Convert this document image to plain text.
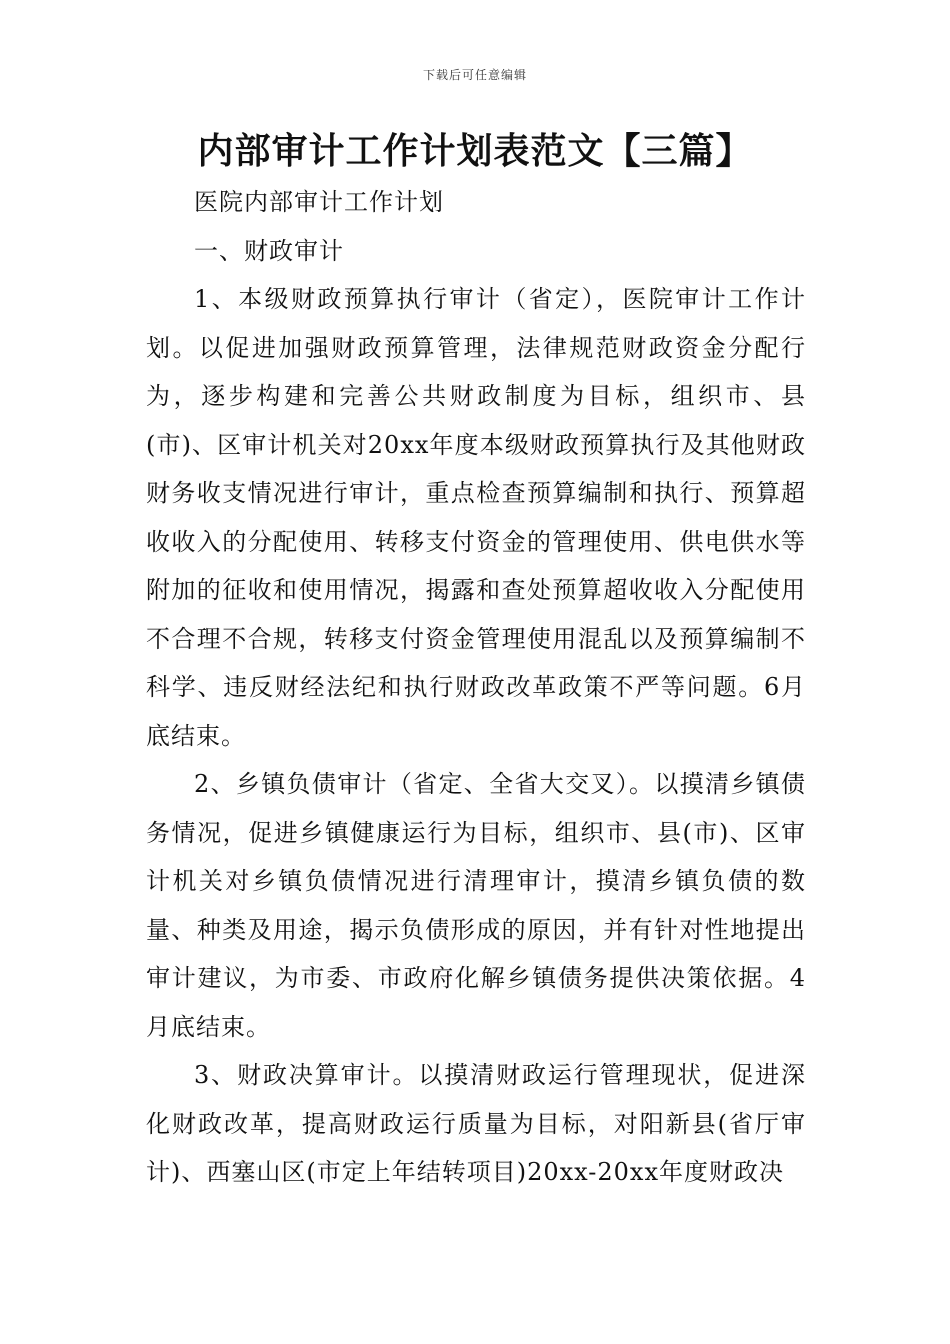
下载后可任意编辑
内部审计工作计划表范文【三篇】

医院内部审计工作计划

一、财政审计

1、本级财政预算执行审计（省定），医院审计工作计划。以促进加强财政预算管理，法律规范财政资金分配行为，逐步构建和完善公共财政制度为目标，组织市、县(市)、区审计机关对20xx年度本级财政预算执行及其他财政财务收支情况进行审计，重点检查预算编制和执行、预算超收收入的分配使用、转移支付资金的管理使用、供电供水等附加的征收和使用情况，揭露和查处预算超收收入分配使用不合理不合规，转移支付资金管理使用混乱以及预算编制不科学、违反财经法纪和执行财政改革政策不严等问题。6月底结束。

2、乡镇负债审计（省定、全省大交叉）。以摸清乡镇债务情况，促进乡镇健康运行为目标，组织市、县(市)、区审计机关对乡镇负债情况进行清理审计，摸清乡镇负债的数量、种类及用途，揭示负债形成的原因，并有针对性地提出审计建议，为市委、市政府化解乡镇债务提供决策依据。4月底结束。

3、财政决算审计。以摸清财政运行管理现状，促进深化财政改革，提高财政运行质量为目标，对阳新县(省厅审计)、西塞山区(市定上年结转项目)20xx-20xx年度财政决
